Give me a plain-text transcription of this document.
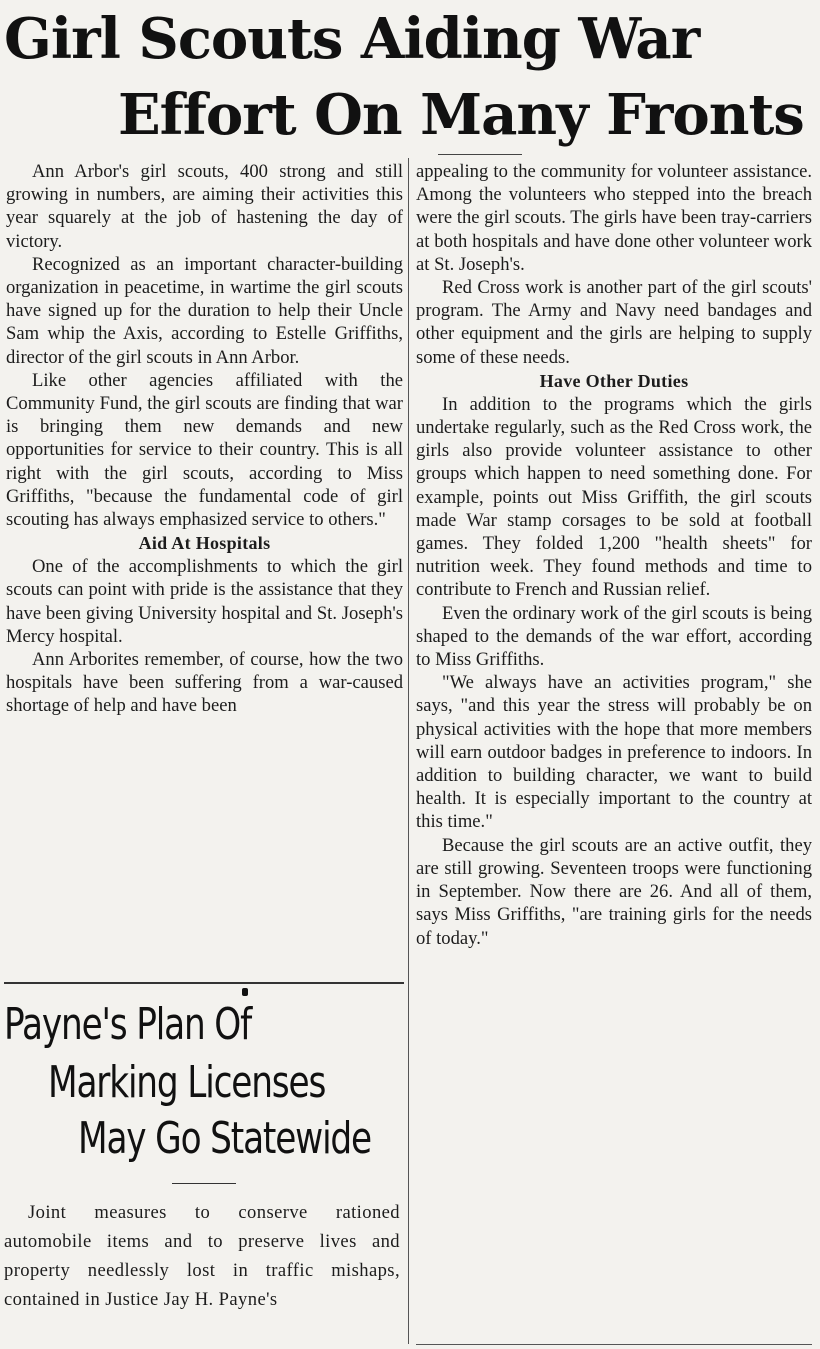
Girl Scouts Aiding War
Effort On Many Fronts

Ann Arbor's girl scouts, 400 strong and still growing in numbers, are aiming their activities this year squarely at the job of hastening the day of victory.

Recognized as an important character-building organization in peacetime, in wartime the girl scouts have signed up for the duration to help their Uncle Sam whip the Axis, according to Estelle Griffiths, director of the girl scouts in Ann Arbor.

Like other agencies affiliated with the Community Fund, the girl scouts are finding that war is bringing them new demands and new opportunities for service to their country. This is all right with the girl scouts, according to Miss Griffiths, "because the fundamental code of girl scouting has always emphasized service to others."

Aid At Hospitals

One of the accomplishments to which the girl scouts can point with pride is the assistance that they have been giving University hospital and St. Joseph's Mercy hospital.

Ann Arborites remember, of course, how the two hospitals have been suffering from a war-caused shortage of help and have been

appealing to the community for volunteer assistance. Among the volunteers who stepped into the breach were the girl scouts. The girls have been tray-carriers at both hospitals and have done other volunteer work at St. Joseph's.

Red Cross work is another part of the girl scouts' program. The Army and Navy need bandages and other equipment and the girls are helping to supply some of these needs.

Have Other Duties

In addition to the programs which the girls undertake regularly, such as the Red Cross work, the girls also provide volunteer assistance to other groups which happen to need something done. For example, points out Miss Griffith, the girl scouts made War stamp corsages to be sold at football games. They folded 1,200 "health sheets" for nutrition week. They found methods and time to contribute to French and Russian relief.

Even the ordinary work of the girl scouts is being shaped to the demands of the war effort, according to Miss Griffiths.

"We always have an activities program," she says, "and this year the stress will probably be on physical activities with the hope that more members will earn outdoor badges in preference to indoors. In addition to building character, we want to build health. It is especially important to the country at this time."

Because the girl scouts are an active outfit, they are still growing. Seventeen troops were functioning in September. Now there are 26. And all of them, says Miss Griffiths, "are training girls for the needs of today."

Payne's Plan Of
Marking Licenses
May Go Statewide

Joint measures to conserve rationed automobile items and to preserve lives and property needlessly lost in traffic mishaps, contained in Justice Jay H. Payne's
